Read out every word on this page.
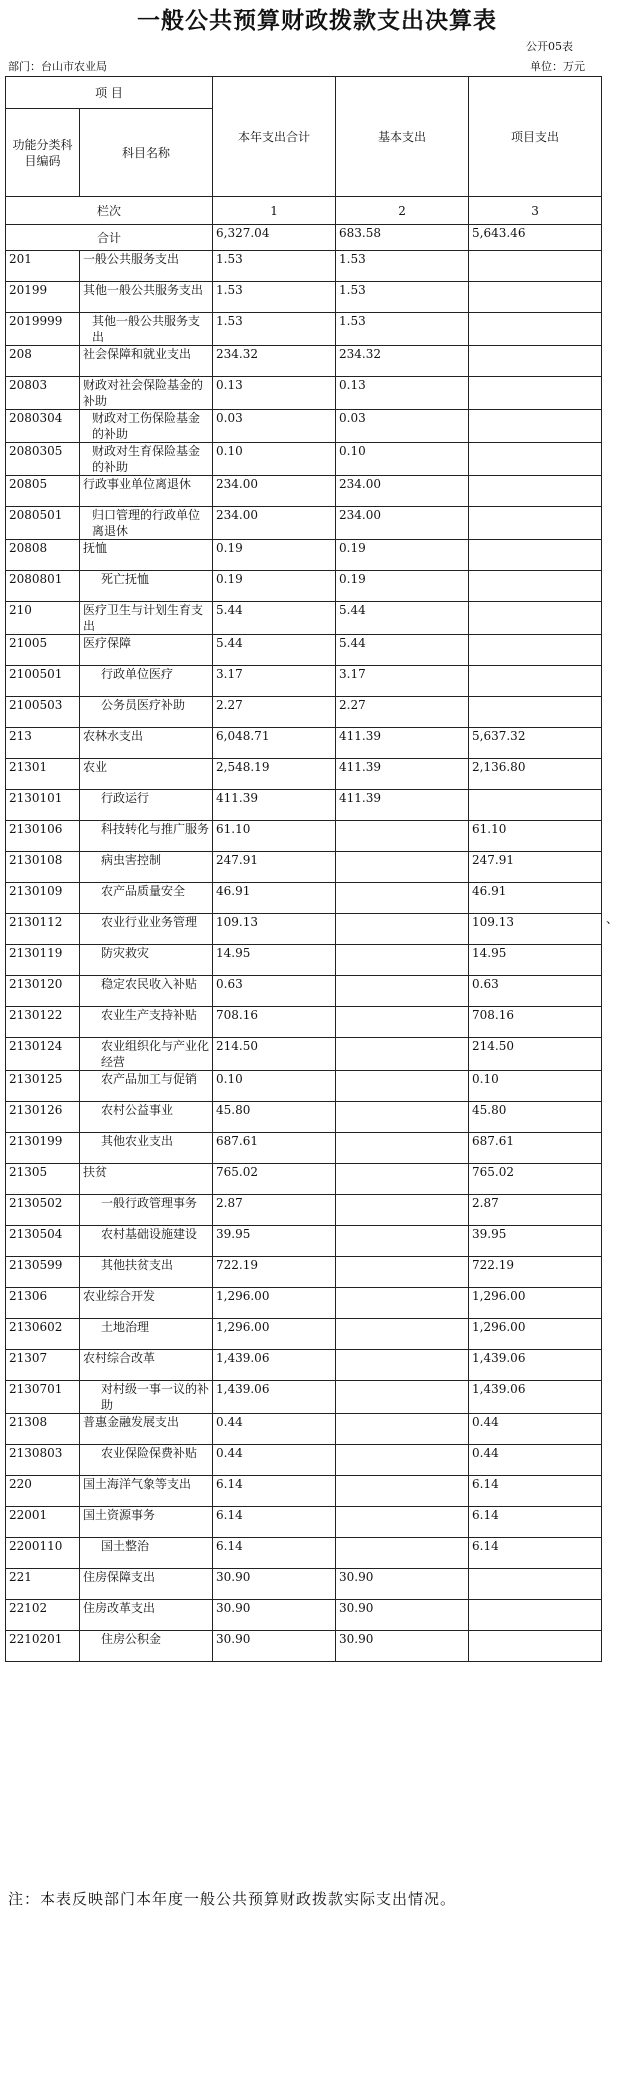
一般公共预算财政拨款支出决算表
公开05表
部门：台山市农业局	单位：万元
、
项 目		本年支出合计	基本支出	项目支出
功能分类科目编码	科目名称			
栏次		1	2	3
合计		6,327.04	683.58	5,643.46
201	一般公共服务支出	1.53	1.53	
20199	其他一般公共服务支出	1.53	1.53	
2019999	其他一般公共服务支出	1.53	1.53	
208	社会保障和就业支出	234.32	234.32	
20803	财政对社会保险基金的补助	0.13	0.13	
2080304	财政对工伤保险基金的补助	0.03	0.03	
2080305	财政对生育保险基金的补助	0.10	0.10	
20805	行政事业单位离退休	234.00	234.00	
2080501	归口管理的行政单位离退休	234.00	234.00	
20808	抚恤	0.19	0.19	
2080801	死亡抚恤	0.19	0.19	
210	医疗卫生与计划生育支出	5.44	5.44	
21005	医疗保障	5.44	5.44	
2100501	行政单位医疗	3.17	3.17	
2100503	公务员医疗补助	2.27	2.27	
213	农林水支出	6,048.71	411.39	5,637.32
21301	农业	2,548.19	411.39	2,136.80
2130101	行政运行	411.39	411.39	
2130106	科技转化与推广服务	61.10		61.10
2130108	病虫害控制	247.91		247.91
2130109	农产品质量安全	46.91		46.91
2130112	农业行业业务管理	109.13		109.13
2130119	防灾救灾	14.95		14.95
2130120	稳定农民收入补贴	0.63		0.63
2130122	农业生产支持补贴	708.16		708.16
2130124	农业组织化与产业化经营	214.50		214.50
2130125	农产品加工与促销	0.10		0.10
2130126	农村公益事业	45.80		45.80
2130199	其他农业支出	687.61		687.61
21305	扶贫	765.02		765.02
2130502	一般行政管理事务	2.87		2.87
2130504	农村基础设施建设	39.95		39.95
2130599	其他扶贫支出	722.19		722.19
21306	农业综合开发	1,296.00		1,296.00
2130602	土地治理	1,296.00		1,296.00
21307	农村综合改革	1,439.06		1,439.06
2130701	对村级一事一议的补助	1,439.06		1,439.06
21308	普惠金融发展支出	0.44		0.44
2130803	农业保险保费补贴	0.44		0.44
220	国土海洋气象等支出	6.14		6.14
22001	国土资源事务	6.14		6.14
2200110	国土整治	6.14		6.14
221	住房保障支出	30.90	30.90	
22102	住房改革支出	30.90	30.90	
2210201	住房公积金	30.90	30.90	
注：本表反映部门本年度一般公共预算财政拨款实际支出情况。
